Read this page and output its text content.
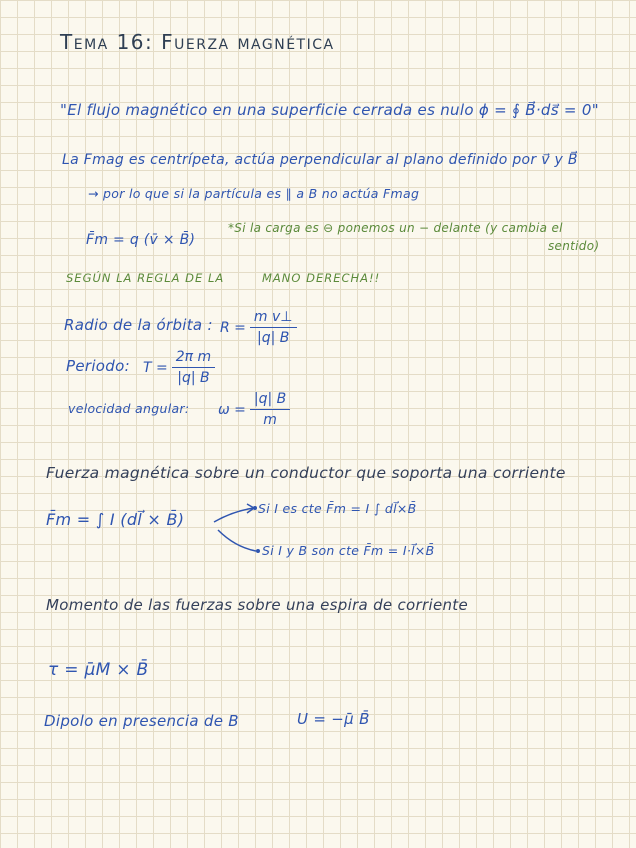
Tema 16: Fuerza magnética
"El flujo magnético en una superficie cerrada es nulo ϕ = ∮ B⃗·ds⃗ = 0"
La Fmag es centrípeta, actúa perpendicular al plano definido por v⃗ y B⃗
→ por lo que si la partícula es ∥ a B no actúa Fmag
F̄m = q (v̄ × B̄)
*Si la carga es ⊖ ponemos un − delante (y cambia el
sentido)
SEGÚN LA REGLA DE LA	MANO DERECHA!!
Radio de la órbita : $R = \frac{\text{m v⊥}}{|q| B}$
Periodo: $T = \frac{\text{2π m}}{|q| B}$
velocidad angular: $\omega = \frac{|q| B}{m}$
Fuerza magnética sobre un conductor que soporta una corriente
F̄m = ∫ I (dl⃗ × B̄)
Si I es cte F̄m = I ∫ dl⃗×B̄
Si I y B son cte F̄m = I·l⃗×B̄
Momento de las fuerzas sobre una espira de corriente
τ = μ̄M × B̄
Dipolo en presencia de B	U = −μ̄ B̄
